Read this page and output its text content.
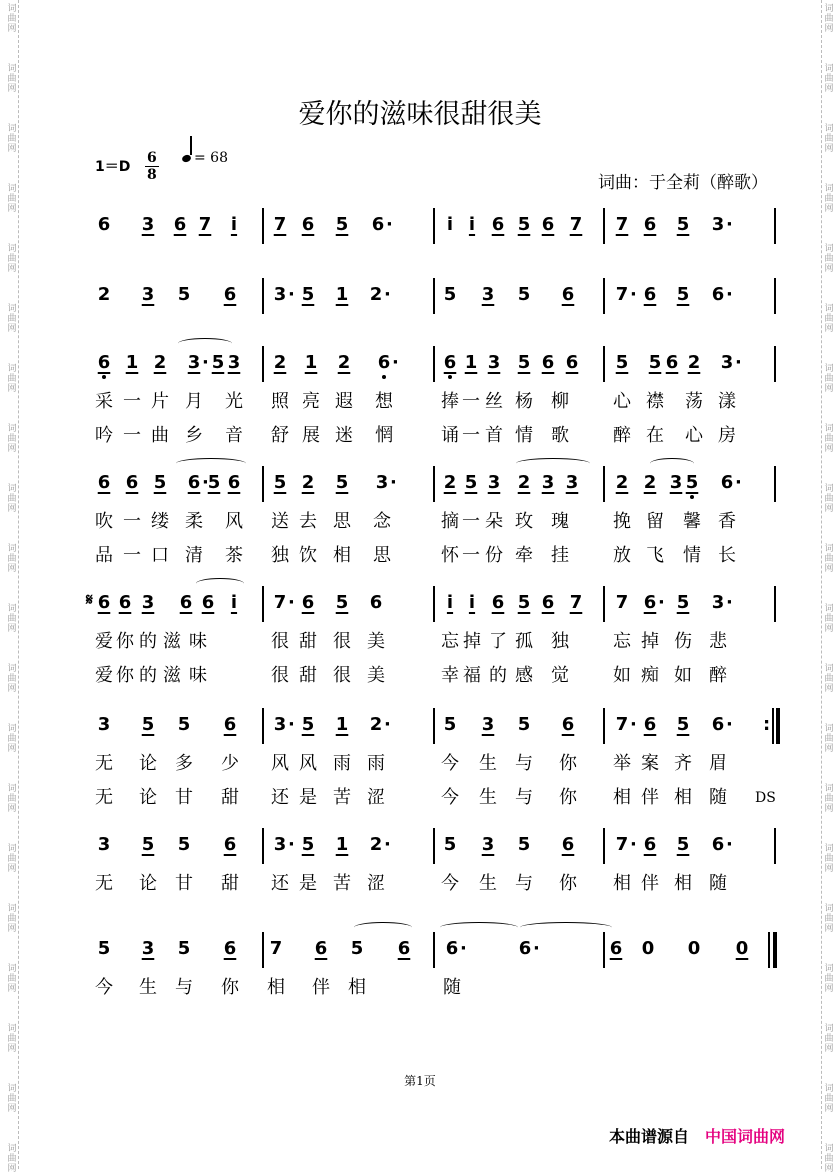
爱你的滋味很甜很美
1＝D
6
8
= 68
词曲：于全莉（醉歌）
6	3	6 7	i	7 6	5	6	i i 6 5 6 7	7 6	5	3
·	·
2	3	5	6	3 5	1	2	5	3	5	6	7 6	5	6
·	·	·	·
6 1 2	3 5 3	2	1	2	6	6 1 3 5 6 6	5	5 6 2	3
·	·	·
采 一 片 月 光 照 亮 遐 想	捧 一 丝 杨 柳 心 襟 荡 漾
吟 一 曲 乡 音 舒 展 迷 惘	诵 一 首 情 歌 醉 在 心 房
6 6 5	6 5 6	5 2	5	3	2 5 3 2 3 3	2 2 3 5	6
·	·	·
吹 一 缕 柔 风 送 去 思 念	摘 一 朵 玫 瑰 挽 留 馨 香
品 一 口 清 茶 独 饮 相 思	怀 一 份 牵 挂 放 飞 情 长
6 6 3	6 6 i	7 6	5	6	i i 6 5 6 7	7 6	5	3
·	·	·
爱 你 的 滋 味	很 甜 很 美	忘 掉 了 孤 独 忘 掉 伤 悲
爱 你 的 滋 味	很 甜 很 美	幸 福 的 感 觉 如 痴 如 醉
3	5	5	6	3 5	1	2	5	3	5	6	7 6	5	6
·	·	·	· :
无 论 多 少 风 风 雨 雨	今 生 与 你 举 案 齐 眉
无 论 甘 甜 还 是 苦 涩	今 生 与 你 相 伴 相 随
3	5	5	6	3 5	1	2	5	3	5	6	7 6	5	6
·	·	·	·
无 论 甘 甜 还 是 苦 涩	今 生 与 你 相 伴 相 随
5	3	5	6	7	6	5	6	6	6	6	0	0	0
·	·
今 生 与 你 相 伴 相	随
𝄋
DS
第1页
本曲谱源自 中国词曲网
词
曲
网
词
曲
网
词
曲
网
词
曲
网
词
曲
网
词
曲
网
词
曲
网
词
曲
网
词
曲
网
词
曲
网
词
曲
网
词
曲
网
词
曲
网
词
曲
网
词
曲
网
词
曲
网
词
曲
网
词
曲
网
词
曲
网
词
曲
网
词
曲
网
词
曲
网
词
曲
网
词
曲
网
词
曲
网
词
曲
网
词
曲
网
词
曲
网
词
曲
网
词
曲
网
词
曲
网
词
曲
网
词
曲
网
词
曲
网
词
曲
网
词
曲
网
词
曲
网
词
曲
网
词
曲
网
词
曲
网
